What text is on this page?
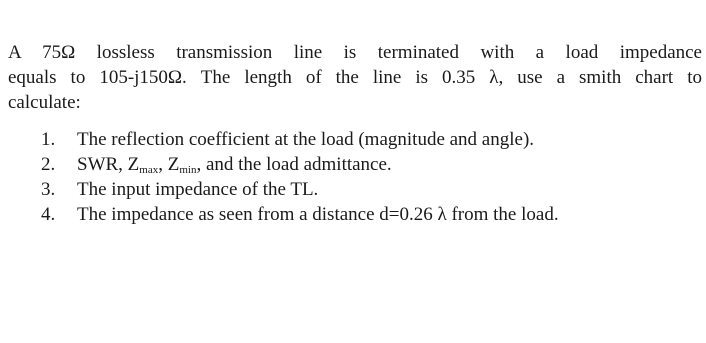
A 75Ω lossless transmission line is terminated with a load impedance
equals to 105-j150Ω. The length of the line is 0.35 λ, use a smith chart to
calculate:

1. The reflection coefficient at the load (magnitude and angle).
2. SWR, $Z_{max}$, $Z_{min}$, and the load admittance.
3. The input impedance of the TL.
4. The impedance as seen from a distance d=0.26 λ from the load.
